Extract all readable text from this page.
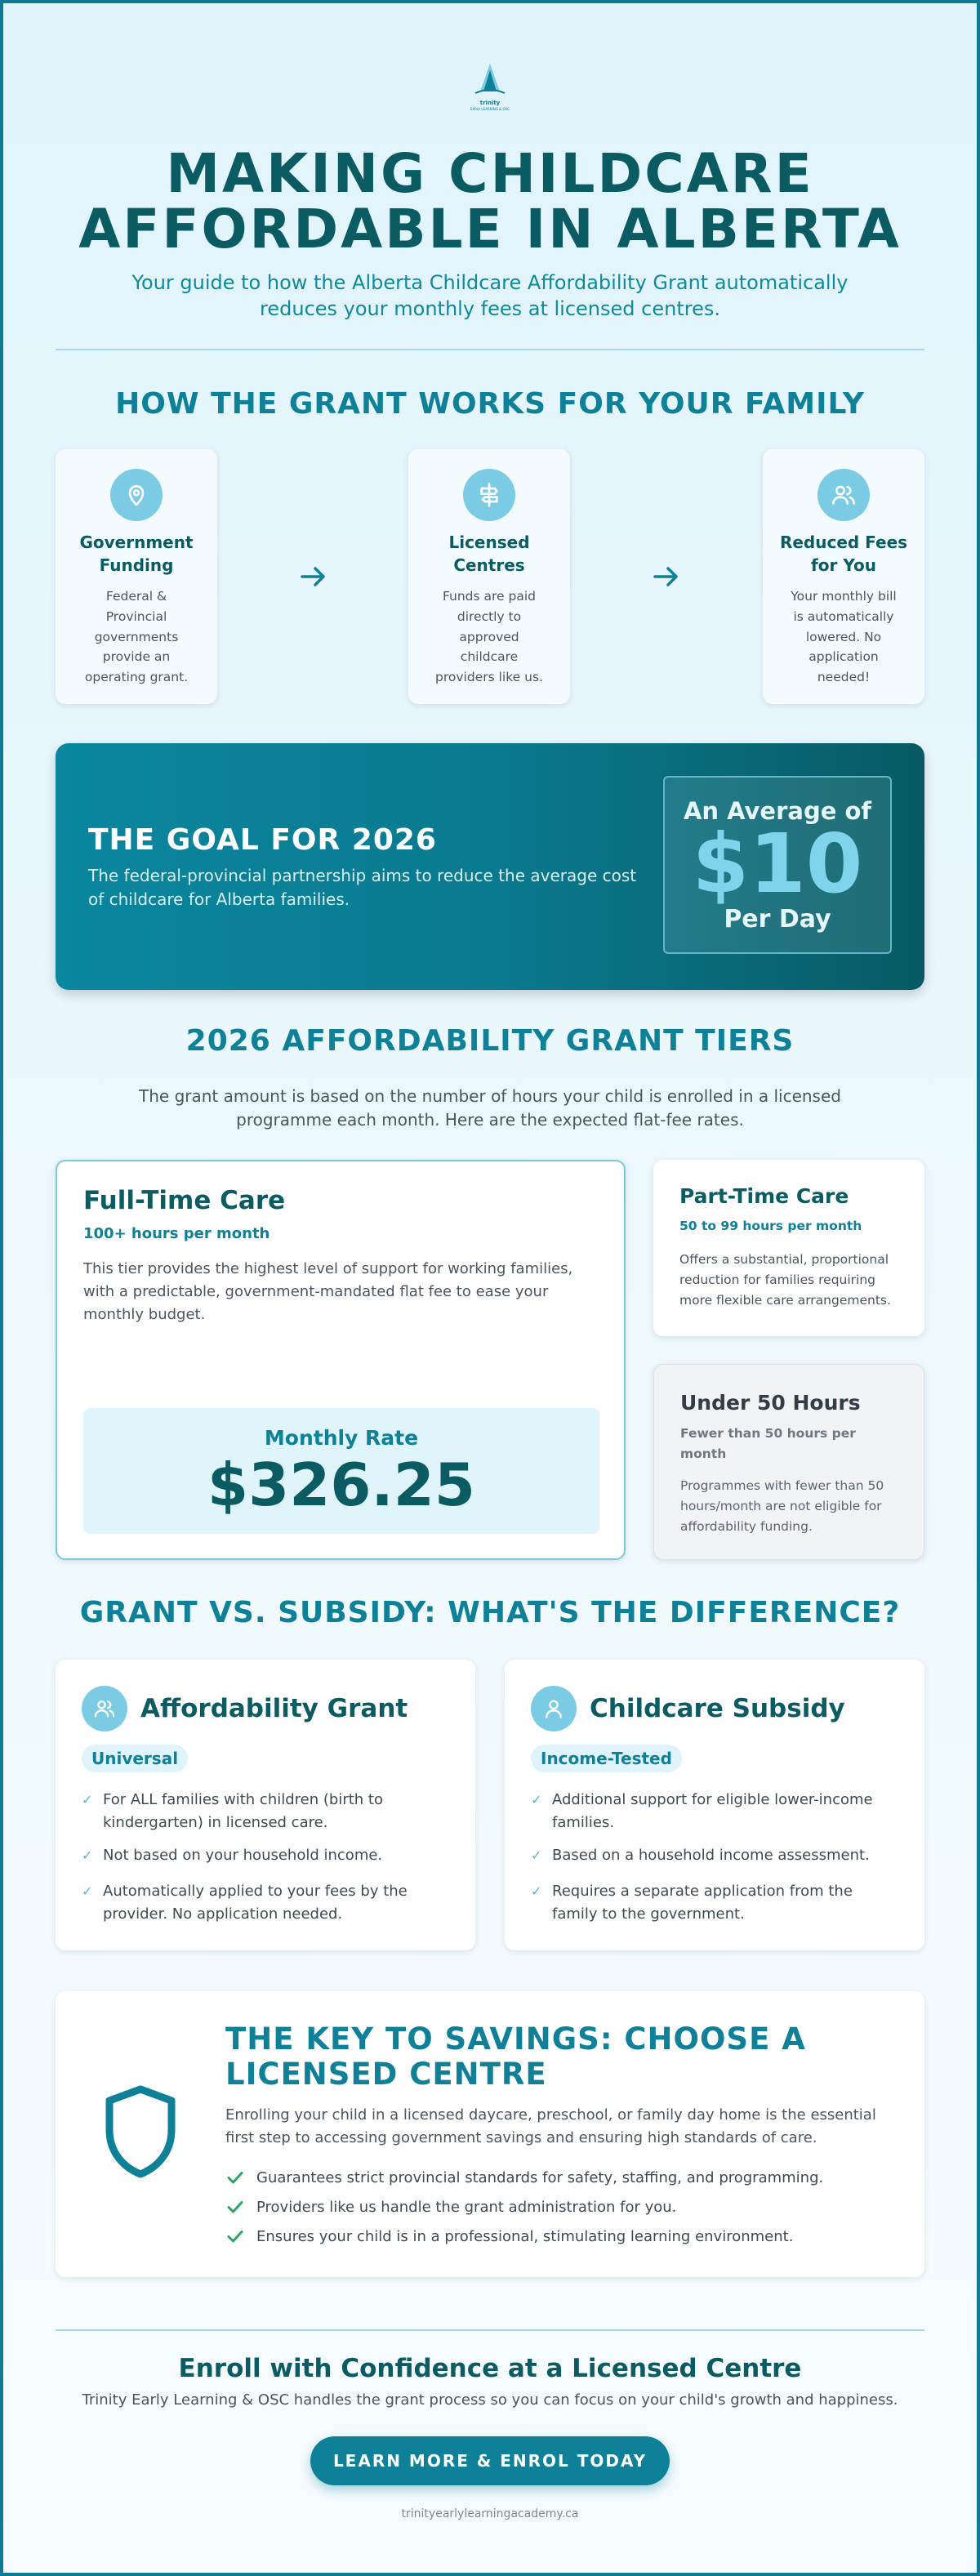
trinity
EARLY LEARNING & OSC
MAKING CHILDCARE
AFFORDABLE IN ALBERTA
Your guide to how the Alberta Childcare Affordability Grant automatically reduces your monthly fees at licensed centres.
HOW THE GRANT WORKS FOR YOUR FAMILY
Government Funding
Federal & Provincial governments provide an operating grant.
Licensed Centres
Funds are paid directly to approved childcare providers like us.
Reduced Fees for You
Your monthly bill is automatically lowered. No application needed!
THE GOAL FOR 2026
The federal-provincial partnership aims to reduce the average cost of childcare for Alberta families.
An Average of
$10
Per Day
2026 AFFORDABILITY GRANT TIERS
The grant amount is based on the number of hours your child is enrolled in a licensed programme each month. Here are the expected flat-fee rates.
Full-Time Care
100+ hours per month
This tier provides the highest level of support for working families, with a predictable, government-mandated flat fee to ease your monthly budget.
Monthly Rate
$326.25
Part-Time Care
50 to 99 hours per month
Offers a substantial, proportional reduction for families requiring more flexible care arrangements.
Under 50 Hours
Fewer than 50 hours per month
Programmes with fewer than 50 hours/month are not eligible for affordability funding.
GRANT VS. SUBSIDY: WHAT'S THE DIFFERENCE?
Affordability Grant
Universal
✓ For ALL families with children (birth to kindergarten) in licensed care.
✓ Not based on your household income.
✓ Automatically applied to your fees by the provider. No application needed.
Childcare Subsidy
Income-Tested
✓ Additional support for eligible lower-income families.
✓ Based on a household income assessment.
✓ Requires a separate application from the family to the government.
THE KEY TO SAVINGS: CHOOSE A LICENSED CENTRE
Enrolling your child in a licensed daycare, preschool, or family day home is the essential first step to accessing government savings and ensuring high standards of care.
Guarantees strict provincial standards for safety, staffing, and programming.
Providers like us handle the grant administration for you.
Ensures your child is in a professional, stimulating learning environment.
Enroll with Confidence at a Licensed Centre
Trinity Early Learning & OSC handles the grant process so you can focus on your child's growth and happiness.
LEARN MORE & ENROL TODAY
trinityearlylearningacademy.ca
